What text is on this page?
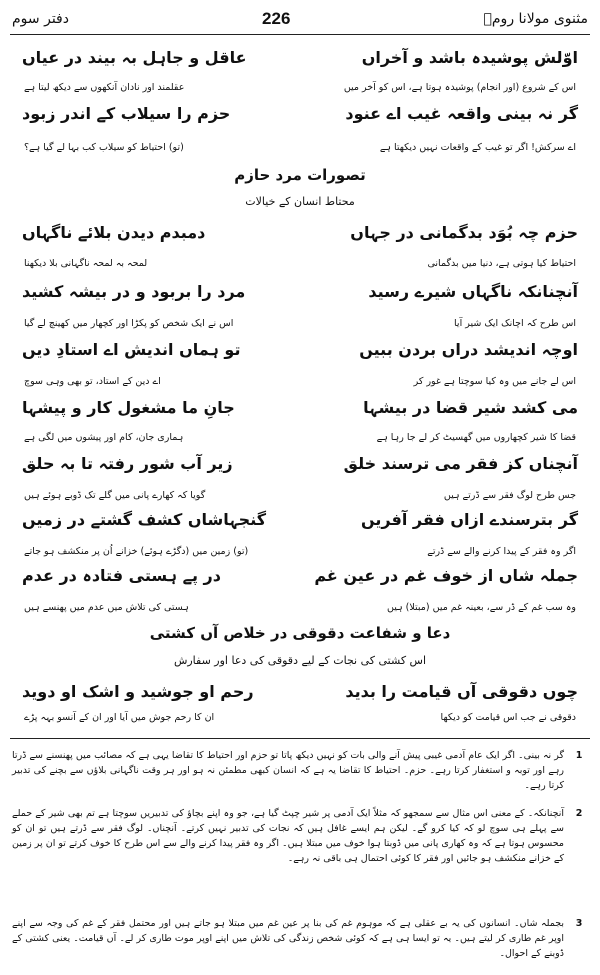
مثنوی مولانا رومؒ
226
دفتر سوم
اوّلش پوشیدہ باشد و آخراں
عاقل و جاہل بہ بیند در عیاں
اس کے شروع (اور انجام) پوشیدہ ہوتا ہے، اس کو آخر میں
عقلمند اور نادان آنکھوں سے دیکھ لیتا ہے
گر نہ بینی واقعہ غیب اے عنود
حزم را سیلاب کے اندر زبود
اے سرکش! اگر تو غیب کے واقعات نہیں دیکھتا ہے
(تو) احتیاط کو سیلاب کب بہا لے گیا ہے؟
تصورات مرد حازم
محتاط انسان کے خیالات
حزم چہ بُوَد بدگمانی در جہاں
دمبدم دیدن بلائے ناگہاں
احتیاط کیا ہوتی ہے، دنیا میں بدگمانی
لمحہ بہ لمحہ ناگہانی بلا دیکھنا
آنچنانکہ ناگہاں شیرے رسید
مرد را بربود و در بیشہ کشید
اس طرح کہ اچانک ایک شیر آیا
اس نے ایک شخص کو پکڑا اور کچھار میں کھینچ لے گیا
اوچہ اندیشد دراں بردن ببیں
تو ہماں اندیش اے استادِ دیں
اس لے جانے میں وہ کیا سوچتا ہے غور کر
اے دین کے استاد، تو بھی وہی سوچ
می کشد شیر قضا در بیشہا
جانِ ما مشغول کار و پیشہا
قضا کا شیر کچھاروں میں گھسیٹ کر لے جا رہا ہے
ہماری جان، کام اور پیشوں میں لگی ہے
آنچناں کز فقر می ترسند خلق
زیر آب شور رفتہ تا بہ حلق
جس طرح لوگ فقر سے ڈرتے ہیں
گویا کہ کھارے پانی میں گلے تک ڈوبے ہوئے ہیں
گر بترسندے ازاں فقر آفریں
گنجہاشاں کشف گشتے در زمیں
اگر وہ فقر کے پیدا کرنے والے سے ڈرتے
(تو) زمین میں (دگڑے ہوئے) خزانے اُن پر منکشف ہو جاتے
جملہ شاں از خوف غم در عین غم
در پے ہستی فتادہ در عدم
وہ سب غم کے ڈر سے، بعینہ غم میں (مبتلا) ہیں
ہستی کی تلاش میں عدم میں پھنسے ہیں
دعا و شفاعت دقوقی در خلاص آں کشتی
اس کشتی کی نجات کے لیے دقوقی کی دعا اور سفارش
چوں دقوقی آں قیامت را بدید
رحم او جوشید و اشک او دوید
دقوقی نے جب اس قیامت کو دیکھا
ان کا رحم جوش میں آیا اور ان کے آنسو بہہ پڑے
1
گر نہ بینی۔ اگر ایک عام آدمی غیبی پیش آنے والی بات کو نہیں دیکھ پاتا تو حزم اور احتیاط کا تقاضا یہی ہے کہ مصائب میں پھنسنے سے ڈرتا رہے اور توبہ و استغفار کرتا رہے۔ حزم۔ احتیاط کا تقاضا یہ ہے کہ انسان کبھی مطمئن نہ ہو اور ہر وقت ناگہانی بلاؤں سے بچنے کی تدبیر کرتا رہے۔
2
آنچنانکہ۔ کے معنی اس مثال سے سمجھو کہ مثلاً ایک آدمی پر شیر چپٹ گیا ہے، جو وہ اپنے بچاؤ کی تدبیریں سوچتا ہے تم بھی شیر کے حملے سے پہلے ہی سوچ لو کہ کیا کرو گے۔ لیکن ہم ایسے غافل ہیں کہ نجات کی تدبیر نہیں کرتے۔ آنچناں۔ لوگ فقر سے ڈرتے ہیں تو ان کو محسوس ہوتا ہے کہ وہ کھاری پانی میں ڈوبتا ہوا خوف میں مبتلا ہیں۔ اگر وہ فقر پیدا کرنے والے سے اس طرح کا خوف کرتے تو ان پر زمین کے خزانے منکشف ہو جائیں اور فقر کا کوئی احتمال ہی باقی نہ رہے۔
3
بجملہ شاں۔ انسانوں کی یہ بے عقلی ہے کہ موہوم غم کی بنا پر عین غم میں مبتلا ہو جاتے ہیں اور محتمل فقر کے غم کی وجہ سے اپنے اوپر غم طاری کر لیتے ہیں۔ یہ تو ایسا ہی ہے کہ کوئی شخص زندگی کی تلاش میں اپنے اوپر موت طاری کر لے۔ آں قیامت۔ یعنی کشتی کے ڈوبنے کے احوال۔
